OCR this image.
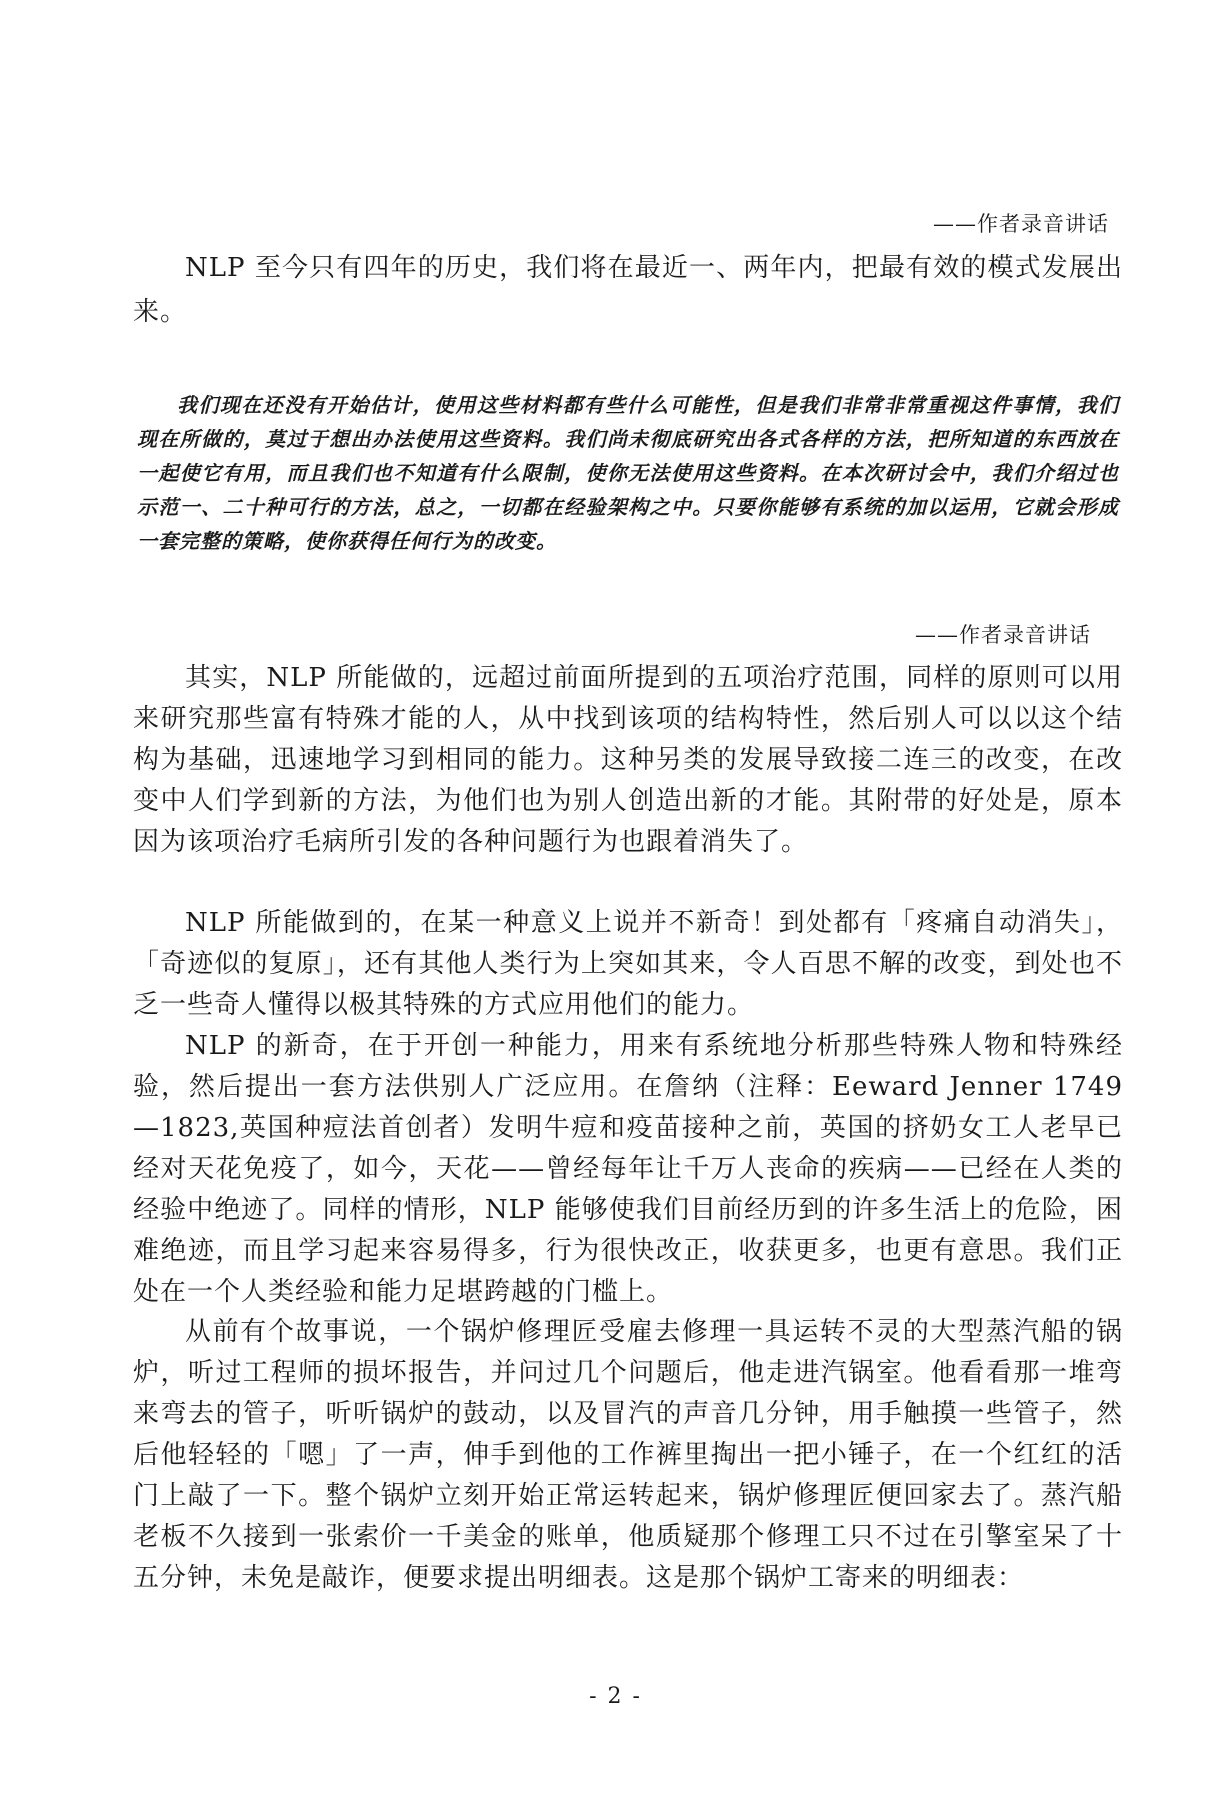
——作者录音讲话

NLP 至今只有四年的历史，我们将在最近一、两年内，把最有效的模式发展出来。

我们现在还没有开始估计，使用这些材料都有些什么可能性，但是我们非常非常重视这件事情，我们现在所做的，莫过于想出办法使用这些资料。我们尚未彻底研究出各式各样的方法，把所知道的东西放在一起使它有用，而且我们也不知道有什么限制，使你无法使用这些资料。在本次研讨会中，我们介绍过也示范一、二十种可行的方法，总之，一切都在经验架构之中。只要你能够有系统的加以运用，它就会形成一套完整的策略，使你获得任何行为的改变。

——作者录音讲话

其实，NLP 所能做的，远超过前面所提到的五项治疗范围，同样的原则可以用来研究那些富有特殊才能的人，从中找到该项的结构特性，然后别人可以以这个结构为基础，迅速地学习到相同的能力。这种另类的发展导致接二连三的改变，在改变中人们学到新的方法，为他们也为别人创造出新的才能。其附带的好处是，原本因为该项治疗毛病所引发的各种问题行为也跟着消失了。

NLP 所能做到的，在某一种意义上说并不新奇！到处都有「疼痛自动消失」，「奇迹似的复原」，还有其他人类行为上突如其来，令人百思不解的改变，到处也不乏一些奇人懂得以极其特殊的方式应用他们的能力。

NLP 的新奇，在于开创一种能力，用来有系统地分析那些特殊人物和特殊经验，然后提出一套方法供别人广泛应用。在詹纳（注释：Eeward Jenner 1749—1823,英国种痘法首创者）发明牛痘和疫苗接种之前，英国的挤奶女工人老早已经对天花免疫了，如今，天花——曾经每年让千万人丧命的疾病——已经在人类的经验中绝迹了。同样的情形，NLP 能够使我们目前经历到的许多生活上的危险，困难绝迹，而且学习起来容易得多，行为很快改正，收获更多，也更有意思。我们正处在一个人类经验和能力足堪跨越的门槛上。

从前有个故事说，一个锅炉修理匠受雇去修理一具运转不灵的大型蒸汽船的锅炉，听过工程师的损坏报告，并问过几个问题后，他走进汽锅室。他看看那一堆弯来弯去的管子，听听锅炉的鼓动，以及冒汽的声音几分钟，用手触摸一些管子，然后他轻轻的「嗯」了一声，伸手到他的工作裤里掏出一把小锤子，在一个红红的活门上敲了一下。整个锅炉立刻开始正常运转起来，锅炉修理匠便回家去了。蒸汽船老板不久接到一张索价一千美金的账单，他质疑那个修理工只不过在引擎室呆了十五分钟，未免是敲诈，便要求提出明细表。这是那个锅炉工寄来的明细表：

- 2 -
